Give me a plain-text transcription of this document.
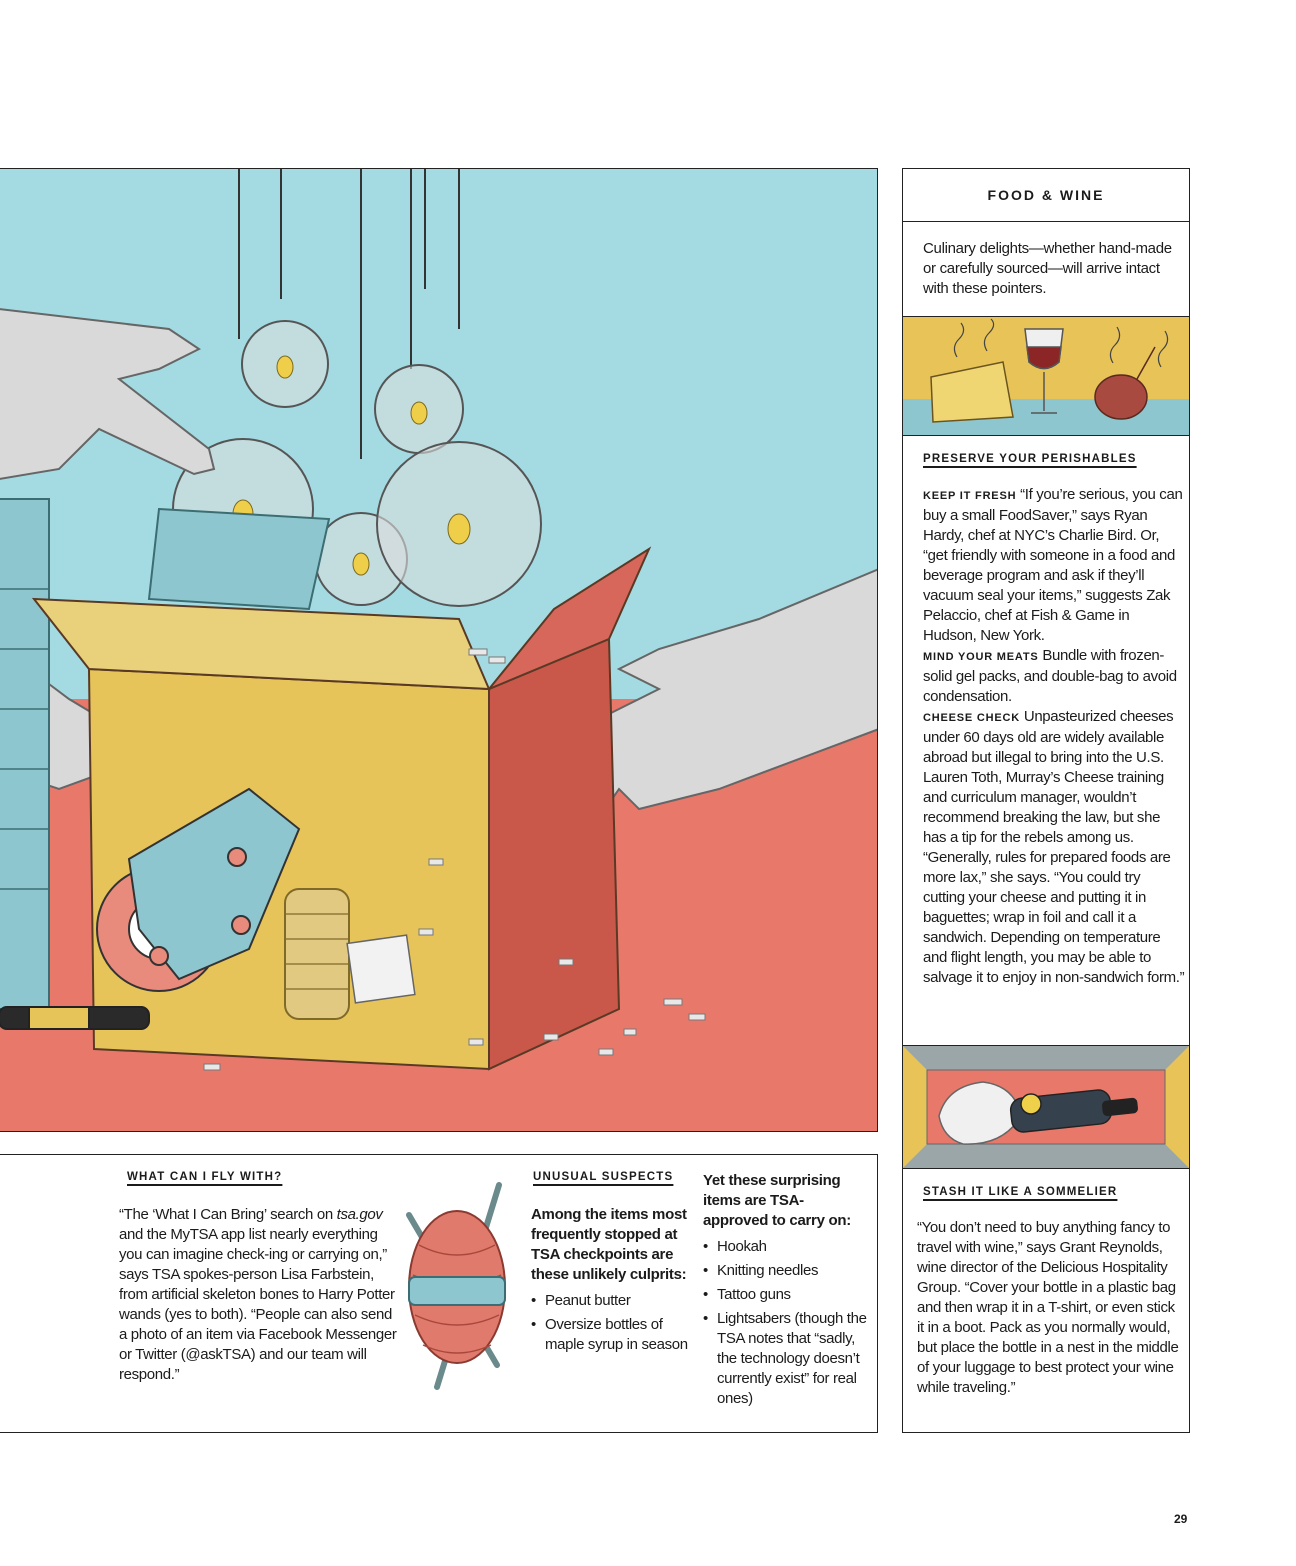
FOOD & WINE
Culinary delights—whether hand-made or carefully sourced—will arrive intact with these pointers.
PRESERVE YOUR PERISHABLES
KEEP IT FRESH “If you’re serious, you can buy a small FoodSaver,” says Ryan Hardy, chef at NYC’s Charlie Bird. Or, “get friendly with someone in a food and beverage program and ask if they’ll vacuum seal your items,” suggests Zak Pelaccio, chef at Fish & Game in Hudson, New York.
MIND YOUR MEATS Bundle with frozen-solid gel packs, and double-bag to avoid condensation.
CHEESE CHECK Unpasteurized cheeses under 60 days old are widely available abroad but illegal to bring into the U.S. Lauren Toth, Murray’s Cheese training and curriculum manager, wouldn’t recommend breaking the law, but she has a tip for the rebels among us. “Generally, rules for prepared foods are more lax,” she says. “You could try cutting your cheese and putting it in baguettes; wrap in foil and call it a sandwich. Depending on temperature and flight length, you may be able to salvage it to enjoy in non-sandwich form.”
STASH IT LIKE A SOMMELIER
“You don’t need to buy anything fancy to travel with wine,” says Grant Reynolds, wine director of the Delicious Hospitality Group. “Cover your bottle in a plastic bag and then wrap it in a T-shirt, or even stick it in a boot. Pack as you normally would, but place the bottle in a nest in the middle of your luggage to best protect your wine while traveling.”
WHAT CAN I FLY WITH?
“The ‘What I Can Bring’ search on tsa.gov and the MyTSA app list nearly everything you can imagine check-ing or carrying on,” says TSA spokes-person Lisa Farbstein, from artificial skeleton bones to Harry Potter wands (yes to both). “People can also send a photo of an item via Facebook Messenger or Twitter (@askTSA) and our team will respond.”
UNUSUAL SUSPECTS
Among the items most frequently stopped at TSA checkpoints are these unlikely culprits:
• Peanut butter
• Oversize bottles of maple syrup in season
Yet these surprising items are TSA-approved to carry on:
• Hookah
• Knitting needles
• Tattoo guns
• Lightsabers (though the TSA notes that “sadly, the technology doesn’t currently exist” for real ones)
29
